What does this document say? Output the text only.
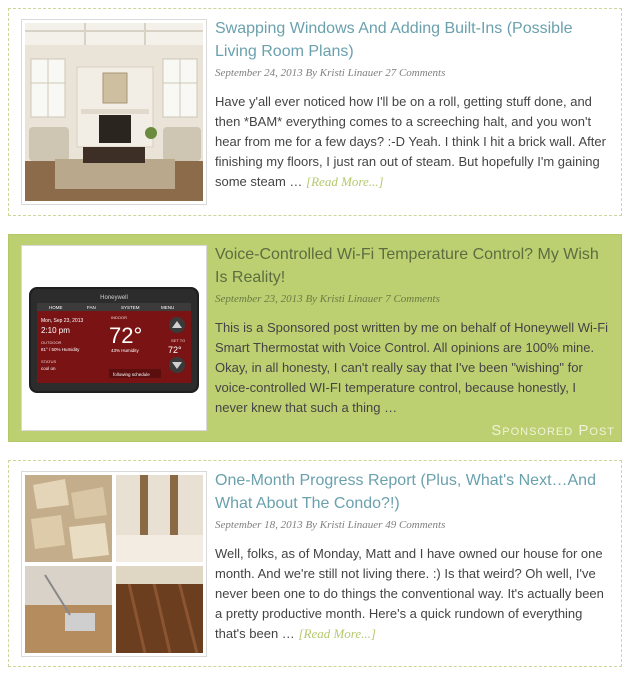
Swapping Windows And Adding Built-Ins (Possible Living Room Plans)
September 24, 2013 By Kristi Linauer 27 Comments
Have y'all ever noticed how I'll be on a roll, getting stuff done, and then *BAM* everything comes to a screeching halt, and you won't hear from me for a few days? :-D Yeah. I think I hit a brick wall. After finishing my floors, I just ran out of steam. But hopefully I'm gaining some steam … [Read More...]
Honeywell
HOME	FAN	SYSTEM	MENU
Mon, Sep 23, 2013
2:10 pm
OUTDOOR
81° / 50% Humidity
STATUS
cool on
INDOOR
72°
43% Humidity
SET TO
72°
following schedule
Voice-Controlled Wi-Fi Temperature Control? My Wish Is Reality!
September 23, 2013 By Kristi Linauer 7 Comments
This is a Sponsored post written by me on behalf of Honeywell Wi-Fi Smart Thermostat with Voice Control. All opinions are 100% mine. Okay, in all honesty, I can't really say that I've been "wishing" for voice-controlled WI-FI temperature control, because honestly, I never knew that such a thing …
Sponsored Post
One-Month Progress Report (Plus, What's Next…And What About The Condo?!)
September 18, 2013 By Kristi Linauer 49 Comments
Well, folks, as of Monday, Matt and I have owned our house for one month. And we're still not living there. :) Is that weird? Oh well, I've never been one to do things the conventional way. It's actually been a pretty productive month. Here's a quick rundown of everything that's been … [Read More...]
